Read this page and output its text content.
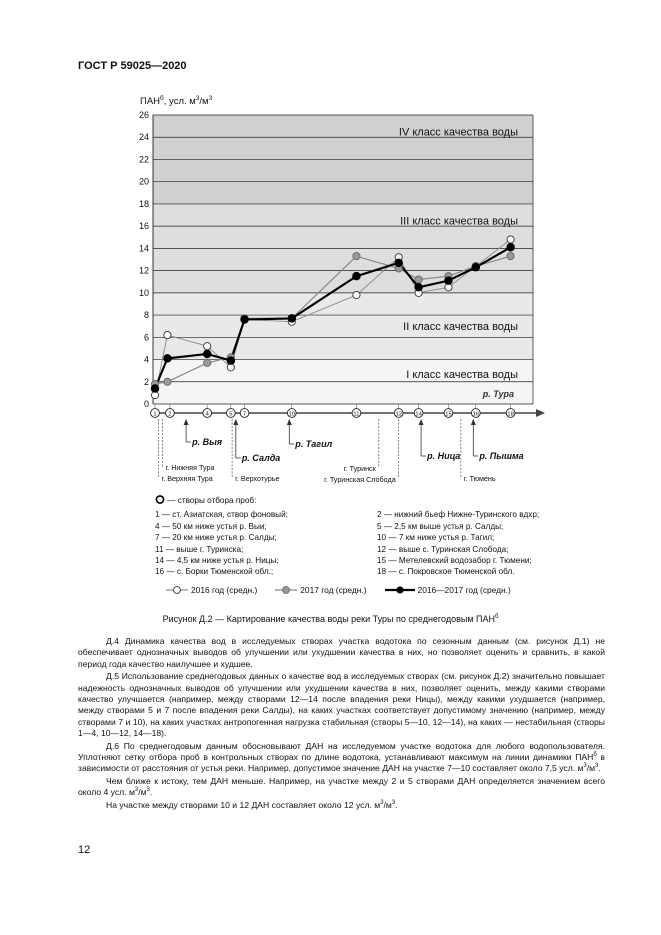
ГОСТ Р 59025—2020
0
2
4
6
8
10
12
14
16
18
20
22
24
26
$ПАН^б$, усл. $м^3/м^3$
IV класс качества воды
III класс качества воды
II класс качества воды
I класс качества воды
р. Тура
1 2	4	5 7	10	11	12 14	15	16	18
р. Выя
р. Салда
р. Тагил
р. Ница р. Пышма
г. Нижняя Тура
г. Верхняя Тура	г. Верхотурье
г. Туринск
г. Туринская Слобода	г. Тюмень
— створы отбора проб:
1 — ст. Азиатская, створ фоновый;	2 — нижний бьеф Нижне-Туринского вдхр;
4 — 50 км ниже устья р. Выи;	5 — 2,5 км выше устья р. Салды;
7 — 20 км ниже устья р. Салды;	10 — 7 км ниже устья р. Тагил;
11 — выше г. Туринска;	12 — выше с. Туринская Слобода;
14 — 4,5 км ниже устья р. Ницы;	15 — Метелевский водозабор г. Тюмени;
16 — с. Борки Тюменской обл.;	18 — с. Покровское Тюменской обл.
2016 год (средн.)	2017 год (средн.)	2016—2017 год (средн.)
Рисунок Д.2 — Картирование качества воды реки Туры по среднегодовым $ПАН^б$

Д.4 Динамика качества вод в исследуемых створах участка водотока по сезонным данным (см. рисунок Д.1) не обеспечивает однозначных выводов об улучшении или ухудшении качества в них, но позволяет оценить и сравнить, в какой период года качество наилучшее и худшее.

Д.5 Использование среднегодовых данных о качестве вод в исследуемых створах (см. рисунок Д.2) значительно повышает надежность однозначных выводов об улучшении или ухудшении качества в них, позволяет оценить, между какими створами качество улучшается (например, между створами 12—14 после впадения реки Ницы), между какими ухудшается (например, между створами 5 и 7 после впадения реки Салды), на каких участках соответствует допустимому значению (например, между створами 7 и 10), на каких участках антропогенная нагрузка стабильная (створы 5—10, 12—14), на каких — нестабильная (створы 1—4, 10—12, 14—18).

Д.6 По среднегодовым данным обосновывают ДАН на исследуемом участке водотока для любого водопользователя. Уплотняют сетку отбора проб в контрольных створах по длине водотока, устанавливают максимум на линии динамики $ПАН^б$ в зависимости от расстояния от устья реки. Например, допустимое значение ДАН на участке 7—10 составляет около 7,5 усл. $м^3/м^3$.

Чем ближе к истоку, тем ДАН меньше. Например, на участке между 2 и 5 створами ДАН определяется значением всего около 4 усл. $м^3/м^3$.

На участке между створами 10 и 12 ДАН составляет около 12 усл. $м^3/м^3$.

12
